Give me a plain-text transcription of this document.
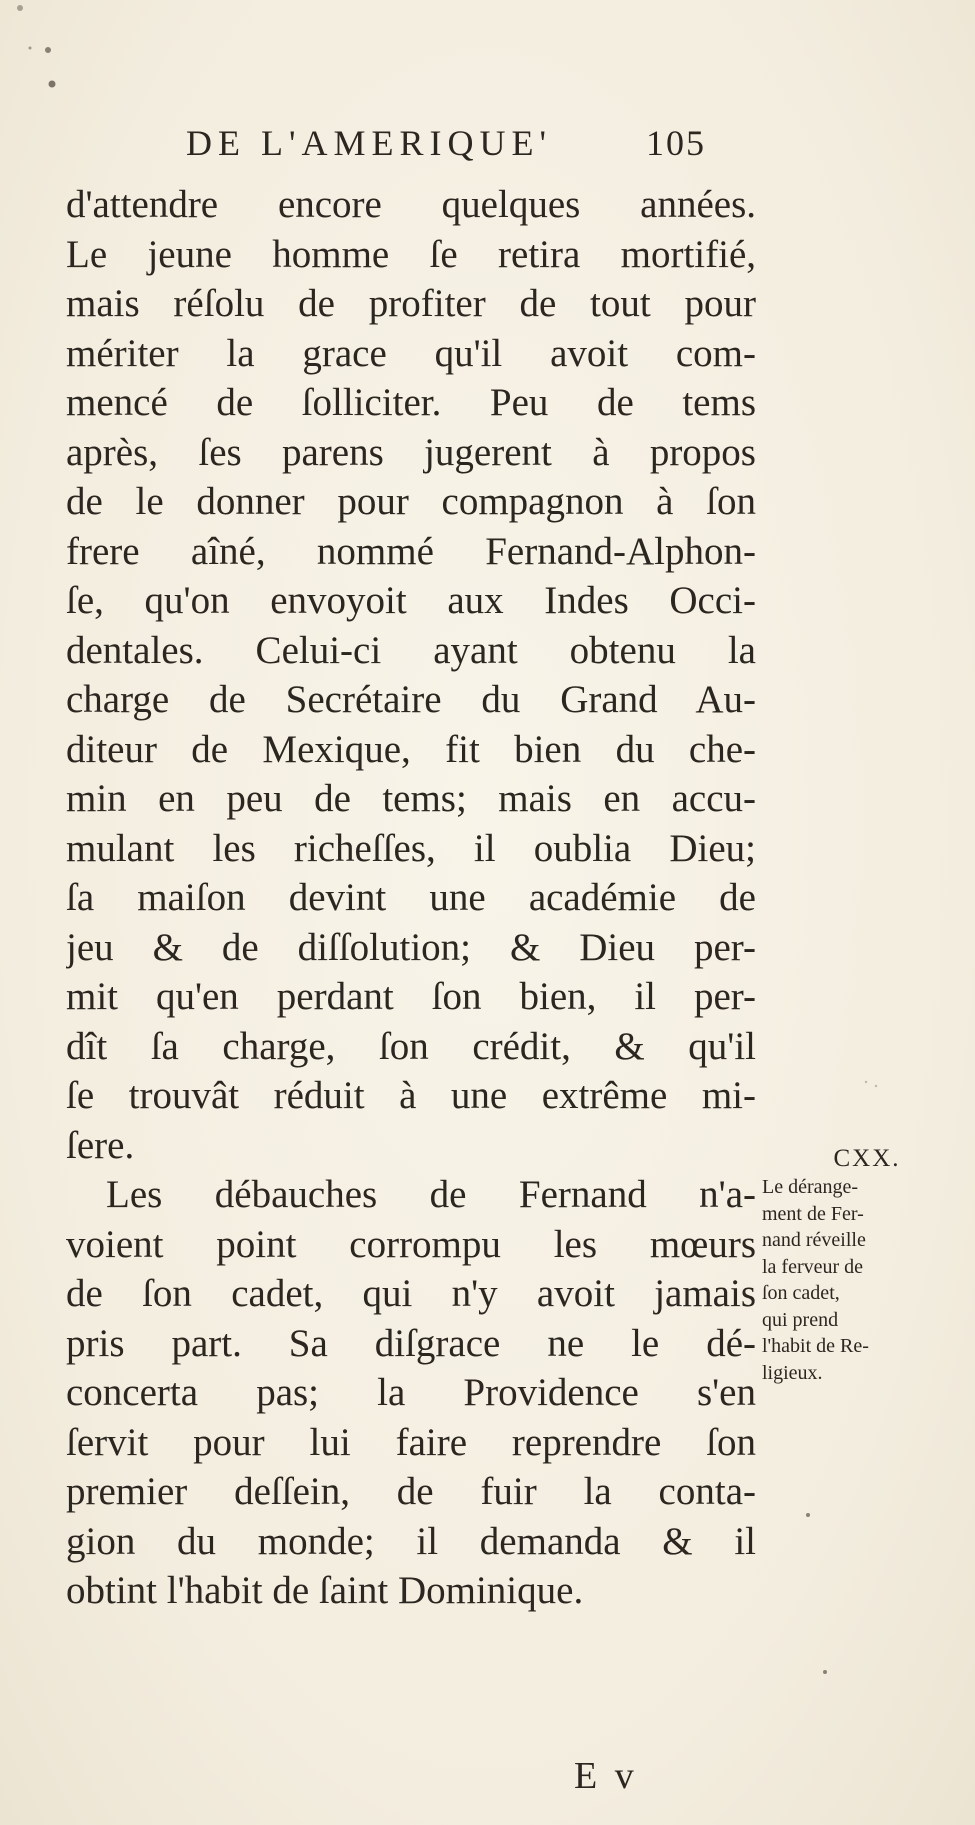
DE L'AMERIQUE'	105
d'attendre encore quelques années.
Le jeune homme ſe retira mortifié,
mais réſolu de profiter de tout pour
mériter la grace qu'il avoit com-
mencé de ſolliciter. Peu de tems
après, ſes parens jugerent à propos
de le donner pour compagnon à ſon
frere aîné, nommé Fernand-Alphon-
ſe, qu'on envoyoit aux Indes Occi-
dentales. Celui-ci ayant obtenu la
charge de Secrétaire du Grand Au-
diteur de Mexique, fit bien du che-
min en peu de tems; mais en accu-
mulant les richeſſes, il oublia Dieu;
ſa maiſon devint une académie de
jeu & de diſſolution; & Dieu per-
mit qu'en perdant ſon bien, il per-
dît ſa charge, ſon crédit, & qu'il
ſe trouvât réduit à une extrême mi-
ſere.
Les débauches de Fernand n'a-
voient point corrompu les mœurs
de ſon cadet, qui n'y avoit jamais
pris part. Sa diſgrace ne le dé-
concerta pas; la Providence s'en
ſervit pour lui faire reprendre ſon
premier deſſein, de fuir la conta-
gion du monde; il demanda & il
obtint l'habit de ſaint Dominique.
CXX.
Le dérange-
ment de Fer-
nand réveille
la ferveur de
ſon cadet,
qui prend
l'habit de Re-
ligieux.
E v
